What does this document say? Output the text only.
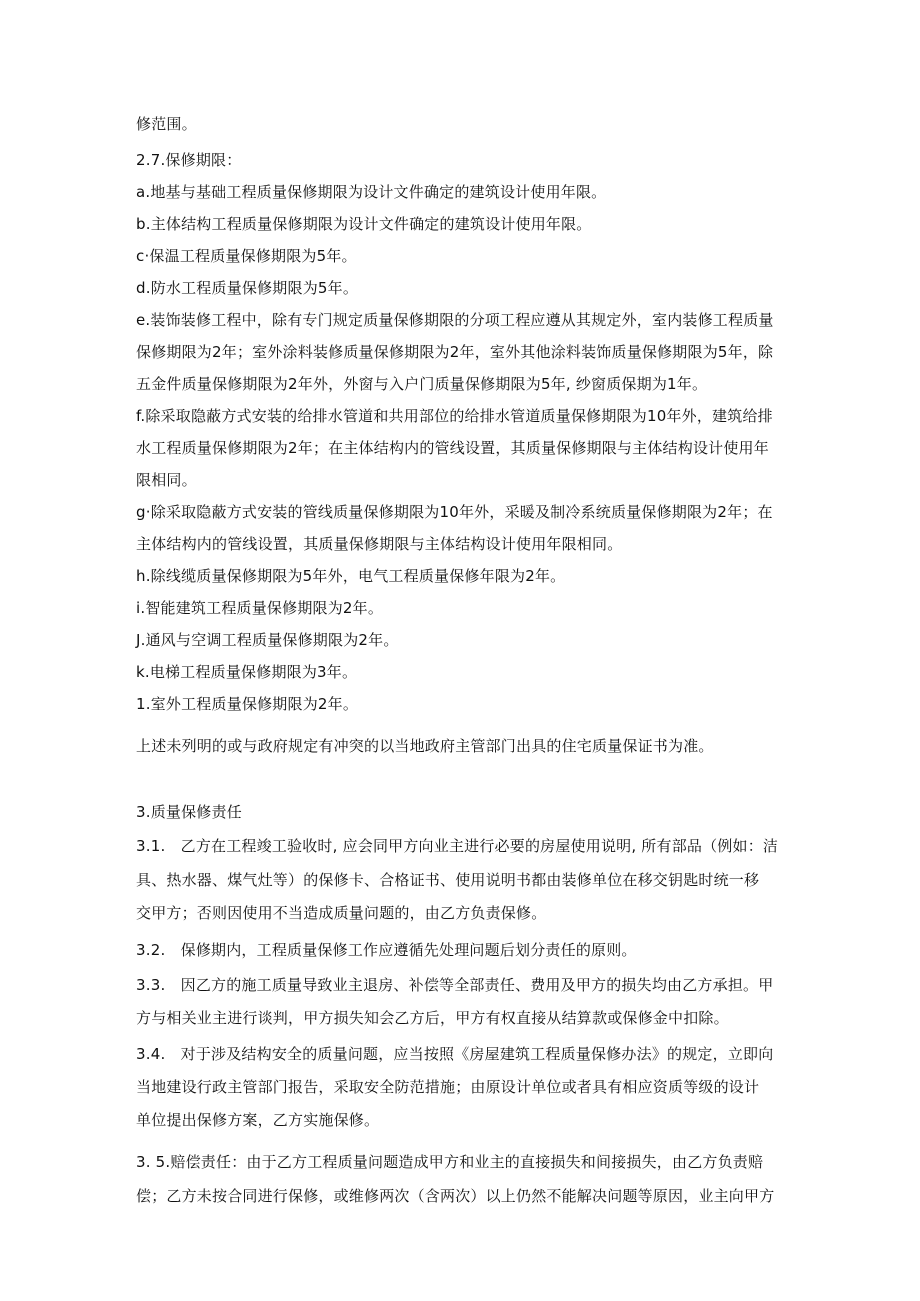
修范围。

2.7.保修期限：

a.地基与基础工程质量保修期限为设计文件确定的建筑设计使用年限。

b.主体结构工程质量保修期限为设计文件确定的建筑设计使用年限。

c·保温工程质量保修期限为5年。

d.防水工程质量保修期限为5年。

e.装饰装修工程中，除有专门规定质量保修期限的分项工程应遵从其规定外，室内装修工程质量

保修期限为2年；室外涂料装修质量保修期限为2年，室外其他涂料装饰质量保修期限为5年，除

五金件质量保修期限为2年外，外窗与入户门质量保修期限为5年, 纱窗质保期为1年。

f.除采取隐蔽方式安装的给排水管道和共用部位的给排水管道质量保修期限为10年外，建筑给排

水工程质量保修期限为2年；在主体结构内的管线设置，其质量保修期限与主体结构设计使用年

限相同。

g·除采取隐蔽方式安装的管线质量保修期限为10年外，采暖及制冷系统质量保修期限为2年；在

主体结构内的管线设置，其质量保修期限与主体结构设计使用年限相同。

h.除线缆质量保修期限为5年外，电气工程质量保修年限为2年。

i.智能建筑工程质量保修期限为2年。

J.通风与空调工程质量保修期限为2年。

k.电梯工程质量保修期限为3年。

1.室外工程质量保修期限为2年。

上述未列明的或与政府规定有冲突的以当地政府主管部门出具的住宅质量保证书为准。

3.质量保修责任

3.1.　乙方在工程竣工验收时, 应会同甲方向业主进行必要的房屋使用说明, 所有部品（例如：洁

具、热水器、煤气灶等）的保修卡、合格证书、使用说明书都由装修单位在移交钥匙时统一移

交甲方；否则因使用不当造成质量问题的，由乙方负责保修。

3.2.　保修期内，工程质量保修工作应遵循先处理问题后划分责任的原则。

3.3.　因乙方的施工质量导致业主退房、补偿等全部责任、费用及甲方的损失均由乙方承担。甲

方与相关业主进行谈判，甲方损失知会乙方后，甲方有权直接从结算款或保修金中扣除。

3.4.　对于涉及结构安全的质量问题，应当按照《房屋建筑工程质量保修办法》的规定，立即向

当地建设行政主管部门报告，采取安全防范措施；由原设计单位或者具有相应资质等级的设计

单位提出保修方案，乙方实施保修。

3. 5.赔偿责任：由于乙方工程质量问题造成甲方和业主的直接损失和间接损失，由乙方负责赔

偿；乙方未按合同进行保修，或维修两次（含两次）以上仍然不能解决问题等原因，业主向甲方
